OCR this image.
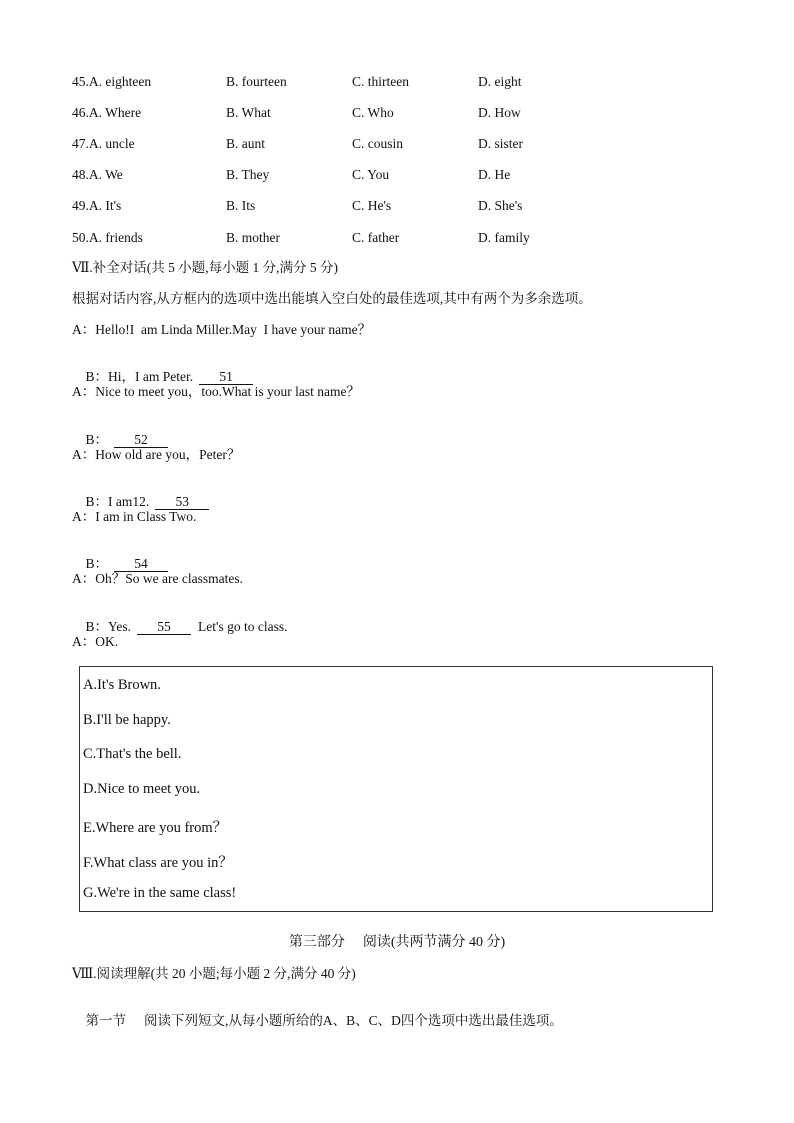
45.A. eighteen	B. fourteen	C. thirteen	D. eight
46.A. Where	B. What	C. Who	D. How
47.A. uncle	B. aunt	C. cousin	D. sister
48.A. We	B. They	C. You	D. He
49.A. It's	B. Its	C. He's	D. She's
50.A. friends	B. mother	C. father	D. family
Ⅶ.补全对话(共 5 小题,每小题 1 分,满分 5 分)
根据对话内容,从方框内的选项中选出能填入空白处的最佳选项,其中有两个为多余选项。
A：Hello!I  am Linda Miller.May  I have your name？

B：Hi，I am Peter. 51

A：Nice to meet you，too.What is your last name？

B： 52

A：How old are you，Peter？

B：I am12. 53

A：I am in Class Two.

B： 54

A：Oh？So we are classmates.

B：Yes. 55 Let's go to class.

A：OK.
A.It's Brown.
B.I'll be happy.
C.That's the bell.
D.Nice to meet you.
E.Where are you from？
F.What class are you in？
G.We're in the same class!
第三部分 阅读(共两节满分 40 分)
Ⅷ.阅读理解(共 20 小题;每小题 2 分,满分 40 分)

第一节 阅读下列短文,从每小题所给的A、B、C、D四个选项中选出最佳选项。
